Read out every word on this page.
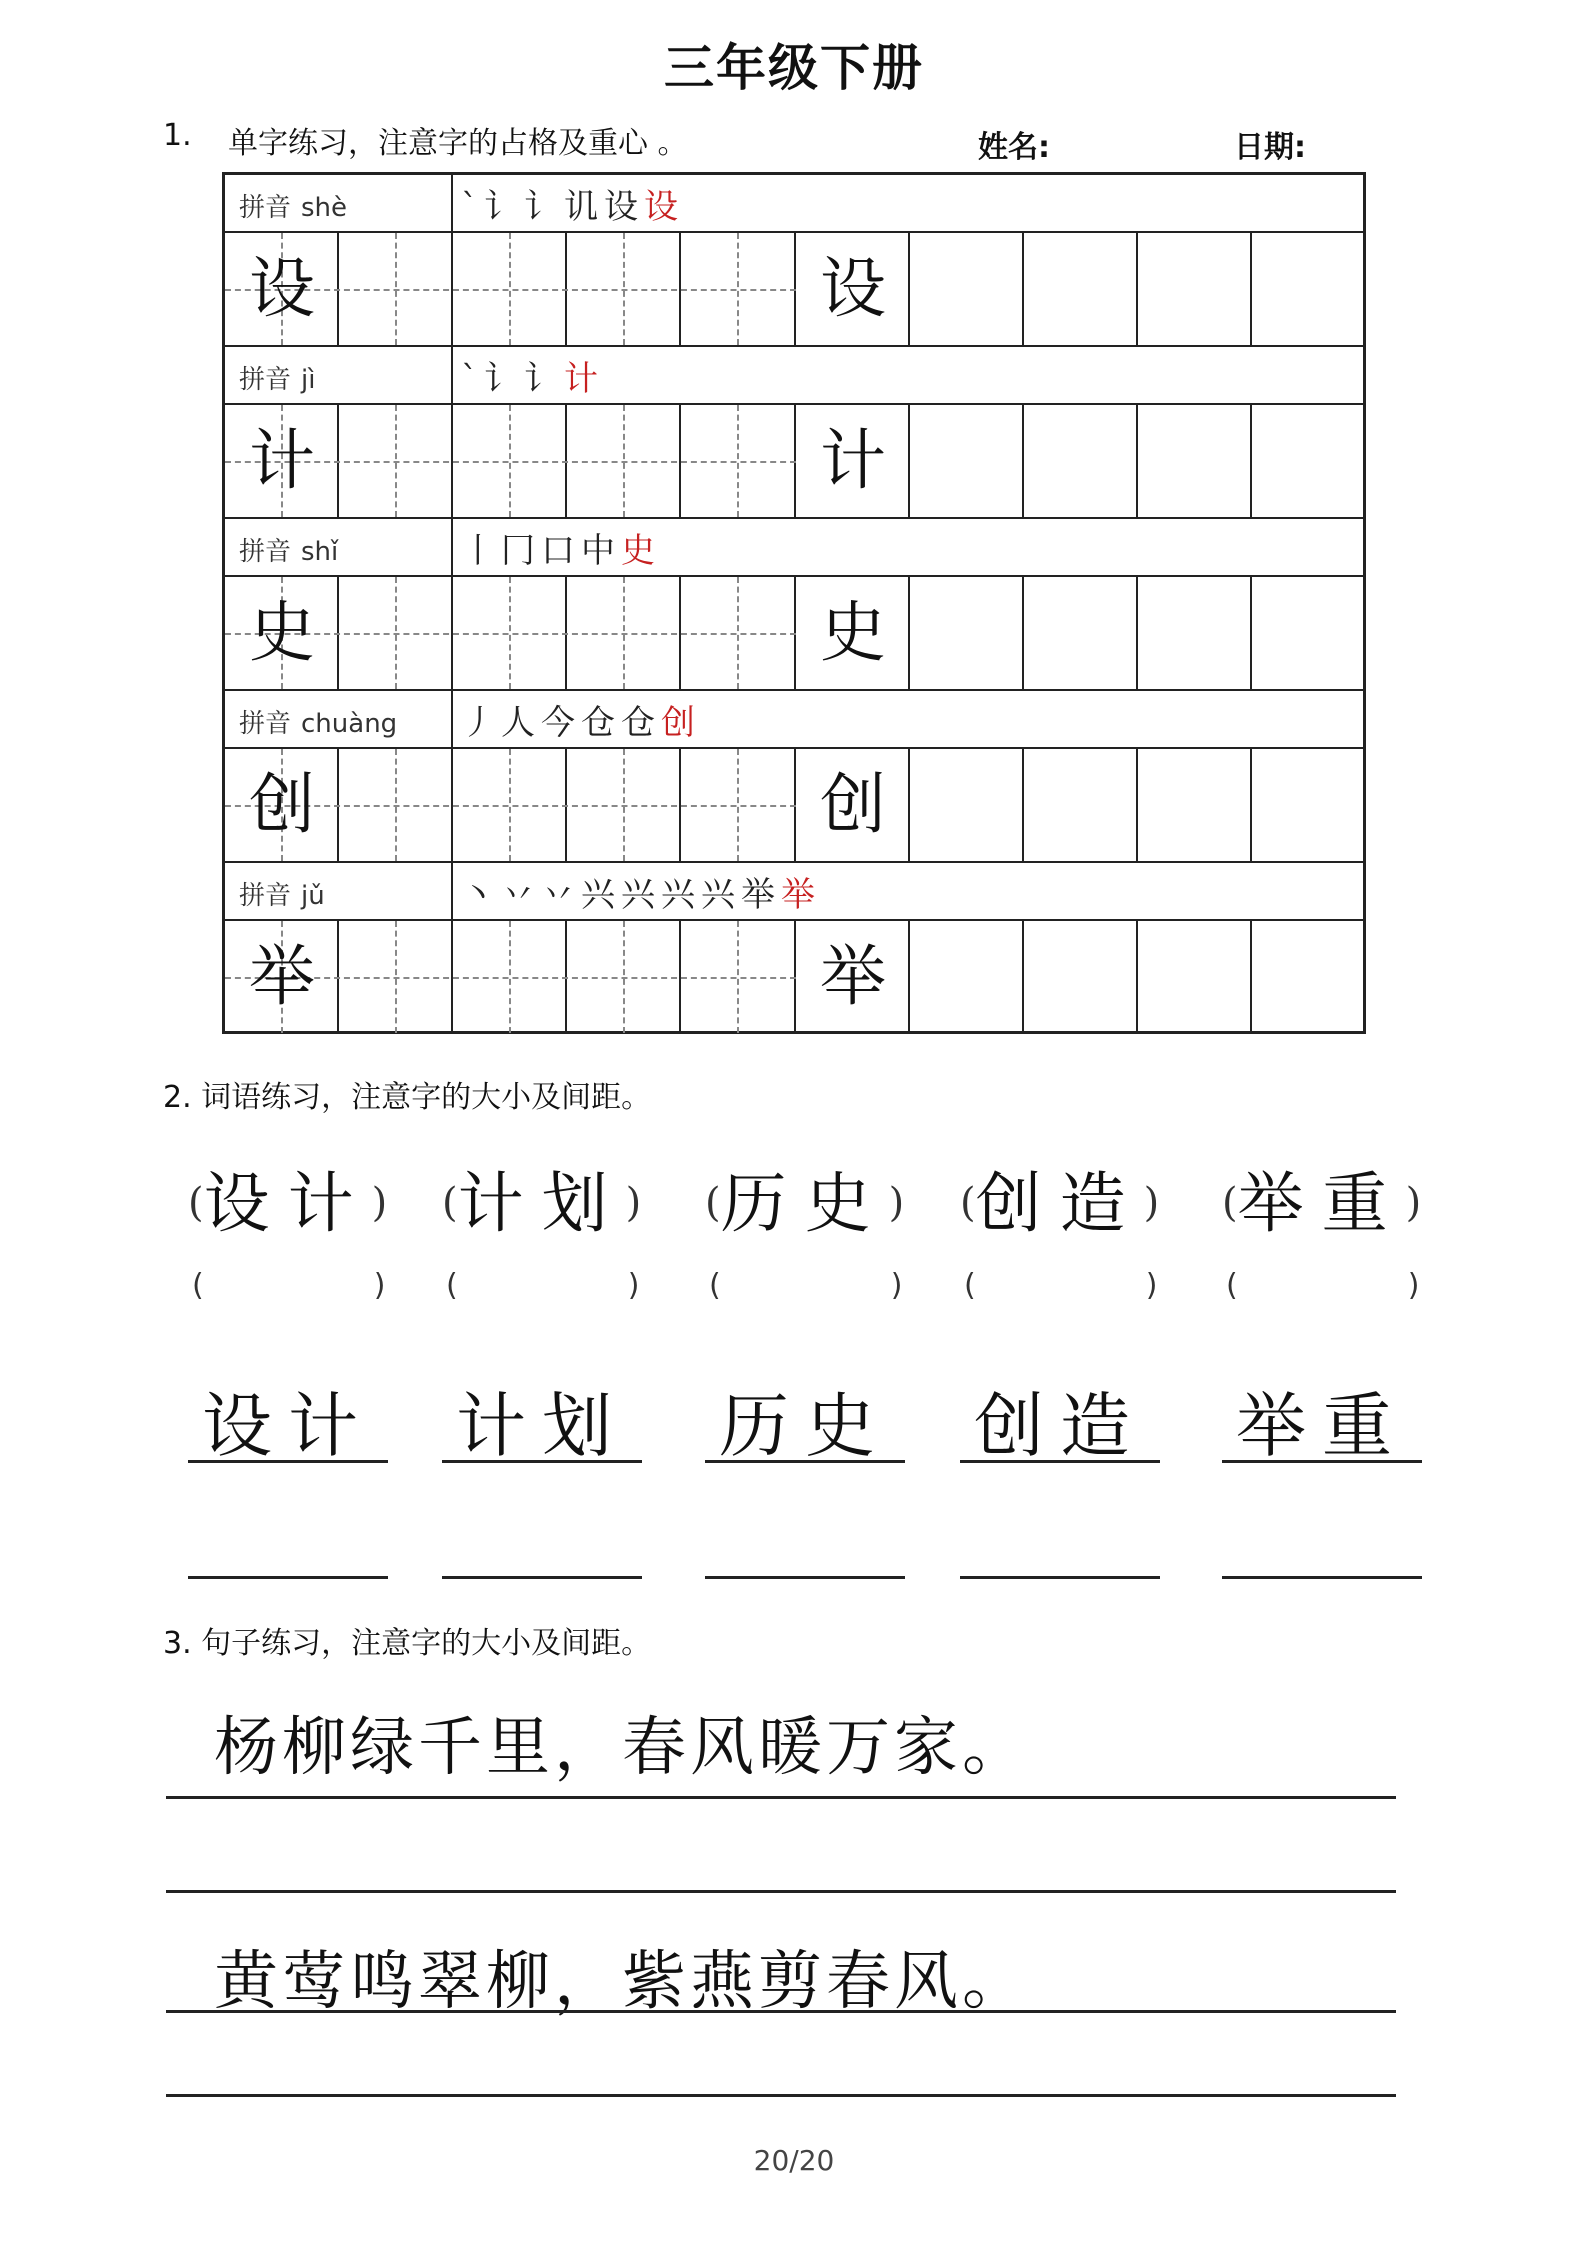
三年级下册
1. 单字练习，注意字的占格及重心 。	姓名:	日期:
拼音 shè	`讠讠讥设设
设	设
拼音 jì	`讠讠计
计	计
拼音 shǐ	丨冂口中史
史	史
拼音 chuàng	丿人今仓仓创
创	创
拼音 jǔ	丶丷丷兴兴兴兴举举
举	举
2. 词语练习，注意字的大小及间距。
(设计)
(	)
设计
(计划)
(	)
计划
(历史)
(	)
历史
(创造)
(	)
创造
(举重)
(	)
举重
3. 句子练习，注意字的大小及间距。
杨柳绿千里，春风暖万家。
黄莺鸣翠柳，紫燕剪春风。
20/20
